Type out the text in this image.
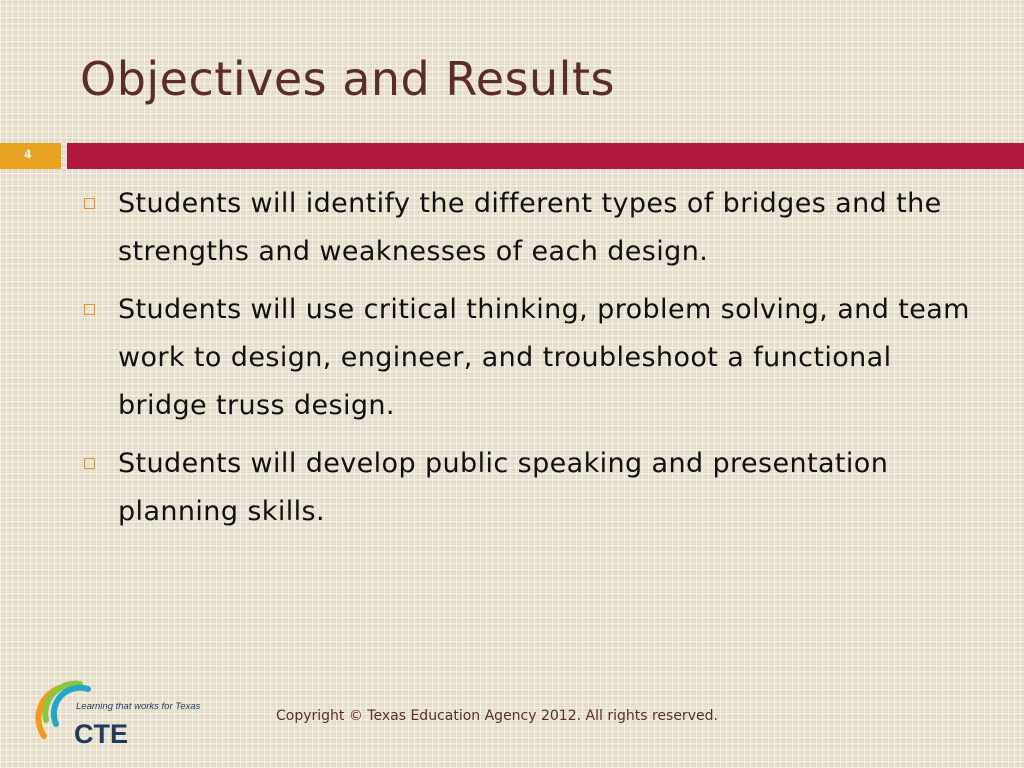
Objectives and Results
4
Students will identify the different types of bridges and the strengths and weaknesses of each design.
Students will use critical thinking, problem solving, and team work to design, engineer, and troubleshoot a functional bridge truss design.
Students will develop public speaking and presentation planning skills.
Learning that works for Texas
CTE
Copyright © Texas Education Agency 2012. All rights reserved.
